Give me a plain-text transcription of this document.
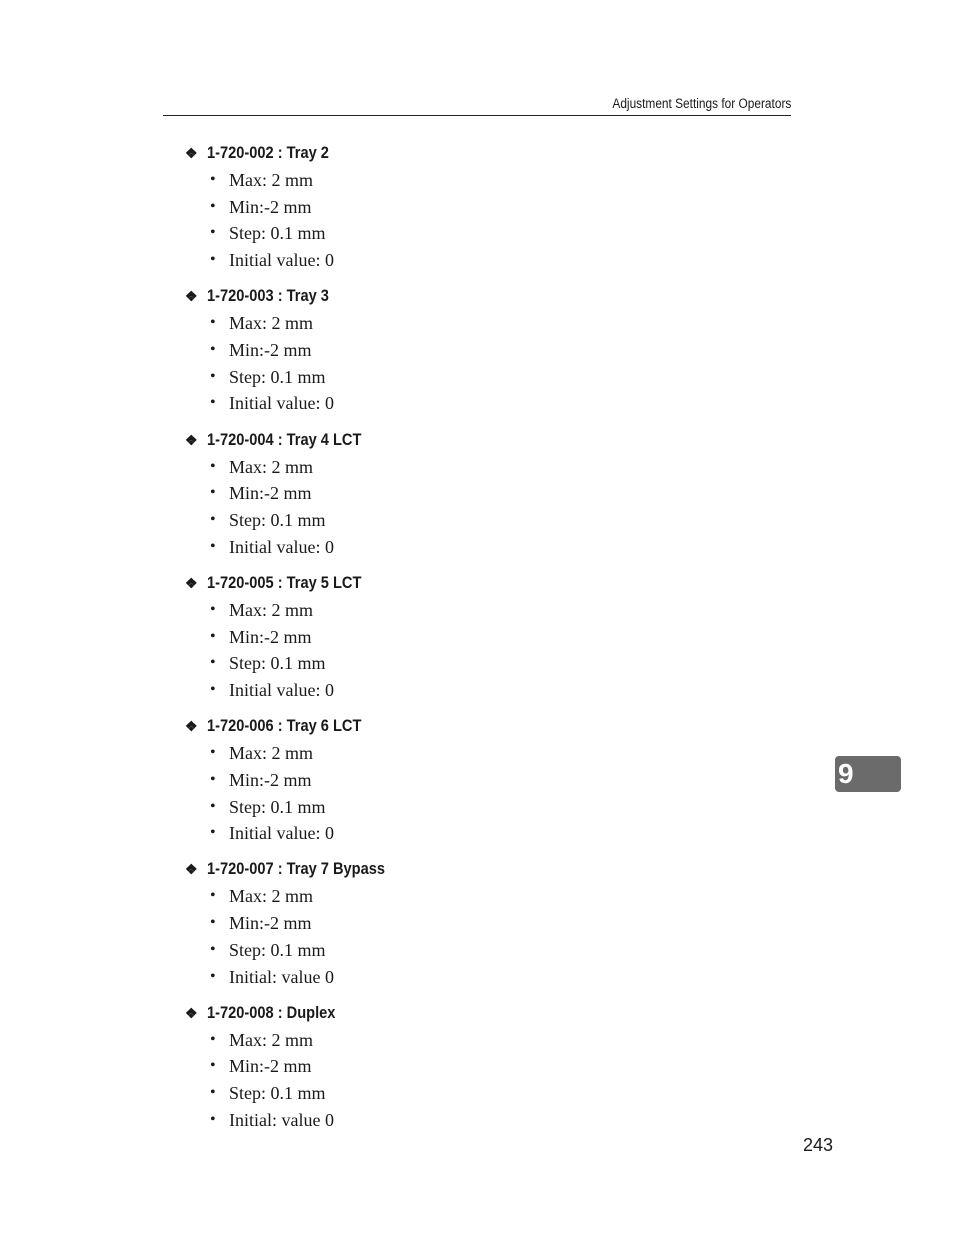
Adjustment Settings for Operators
❖ 1-720-002 : Tray 2
• Max: 2 mm
• Min:-2 mm
• Step: 0.1 mm
• Initial value: 0
❖ 1-720-003 : Tray 3
• Max: 2 mm
• Min:-2 mm
• Step: 0.1 mm
• Initial value: 0
❖ 1-720-004 : Tray 4 LCT
• Max: 2 mm
• Min:-2 mm
• Step: 0.1 mm
• Initial value: 0
❖ 1-720-005 : Tray 5 LCT
• Max: 2 mm
• Min:-2 mm
• Step: 0.1 mm
• Initial value: 0
❖ 1-720-006 : Tray 6 LCT
• Max: 2 mm
• Min:-2 mm
• Step: 0.1 mm
• Initial value: 0
❖ 1-720-007 : Tray 7 Bypass
• Max: 2 mm
• Min:-2 mm
• Step: 0.1 mm
• Initial: value 0
❖ 1-720-008 : Duplex
• Max: 2 mm
• Min:-2 mm
• Step: 0.1 mm
• Initial: value 0
9
243
